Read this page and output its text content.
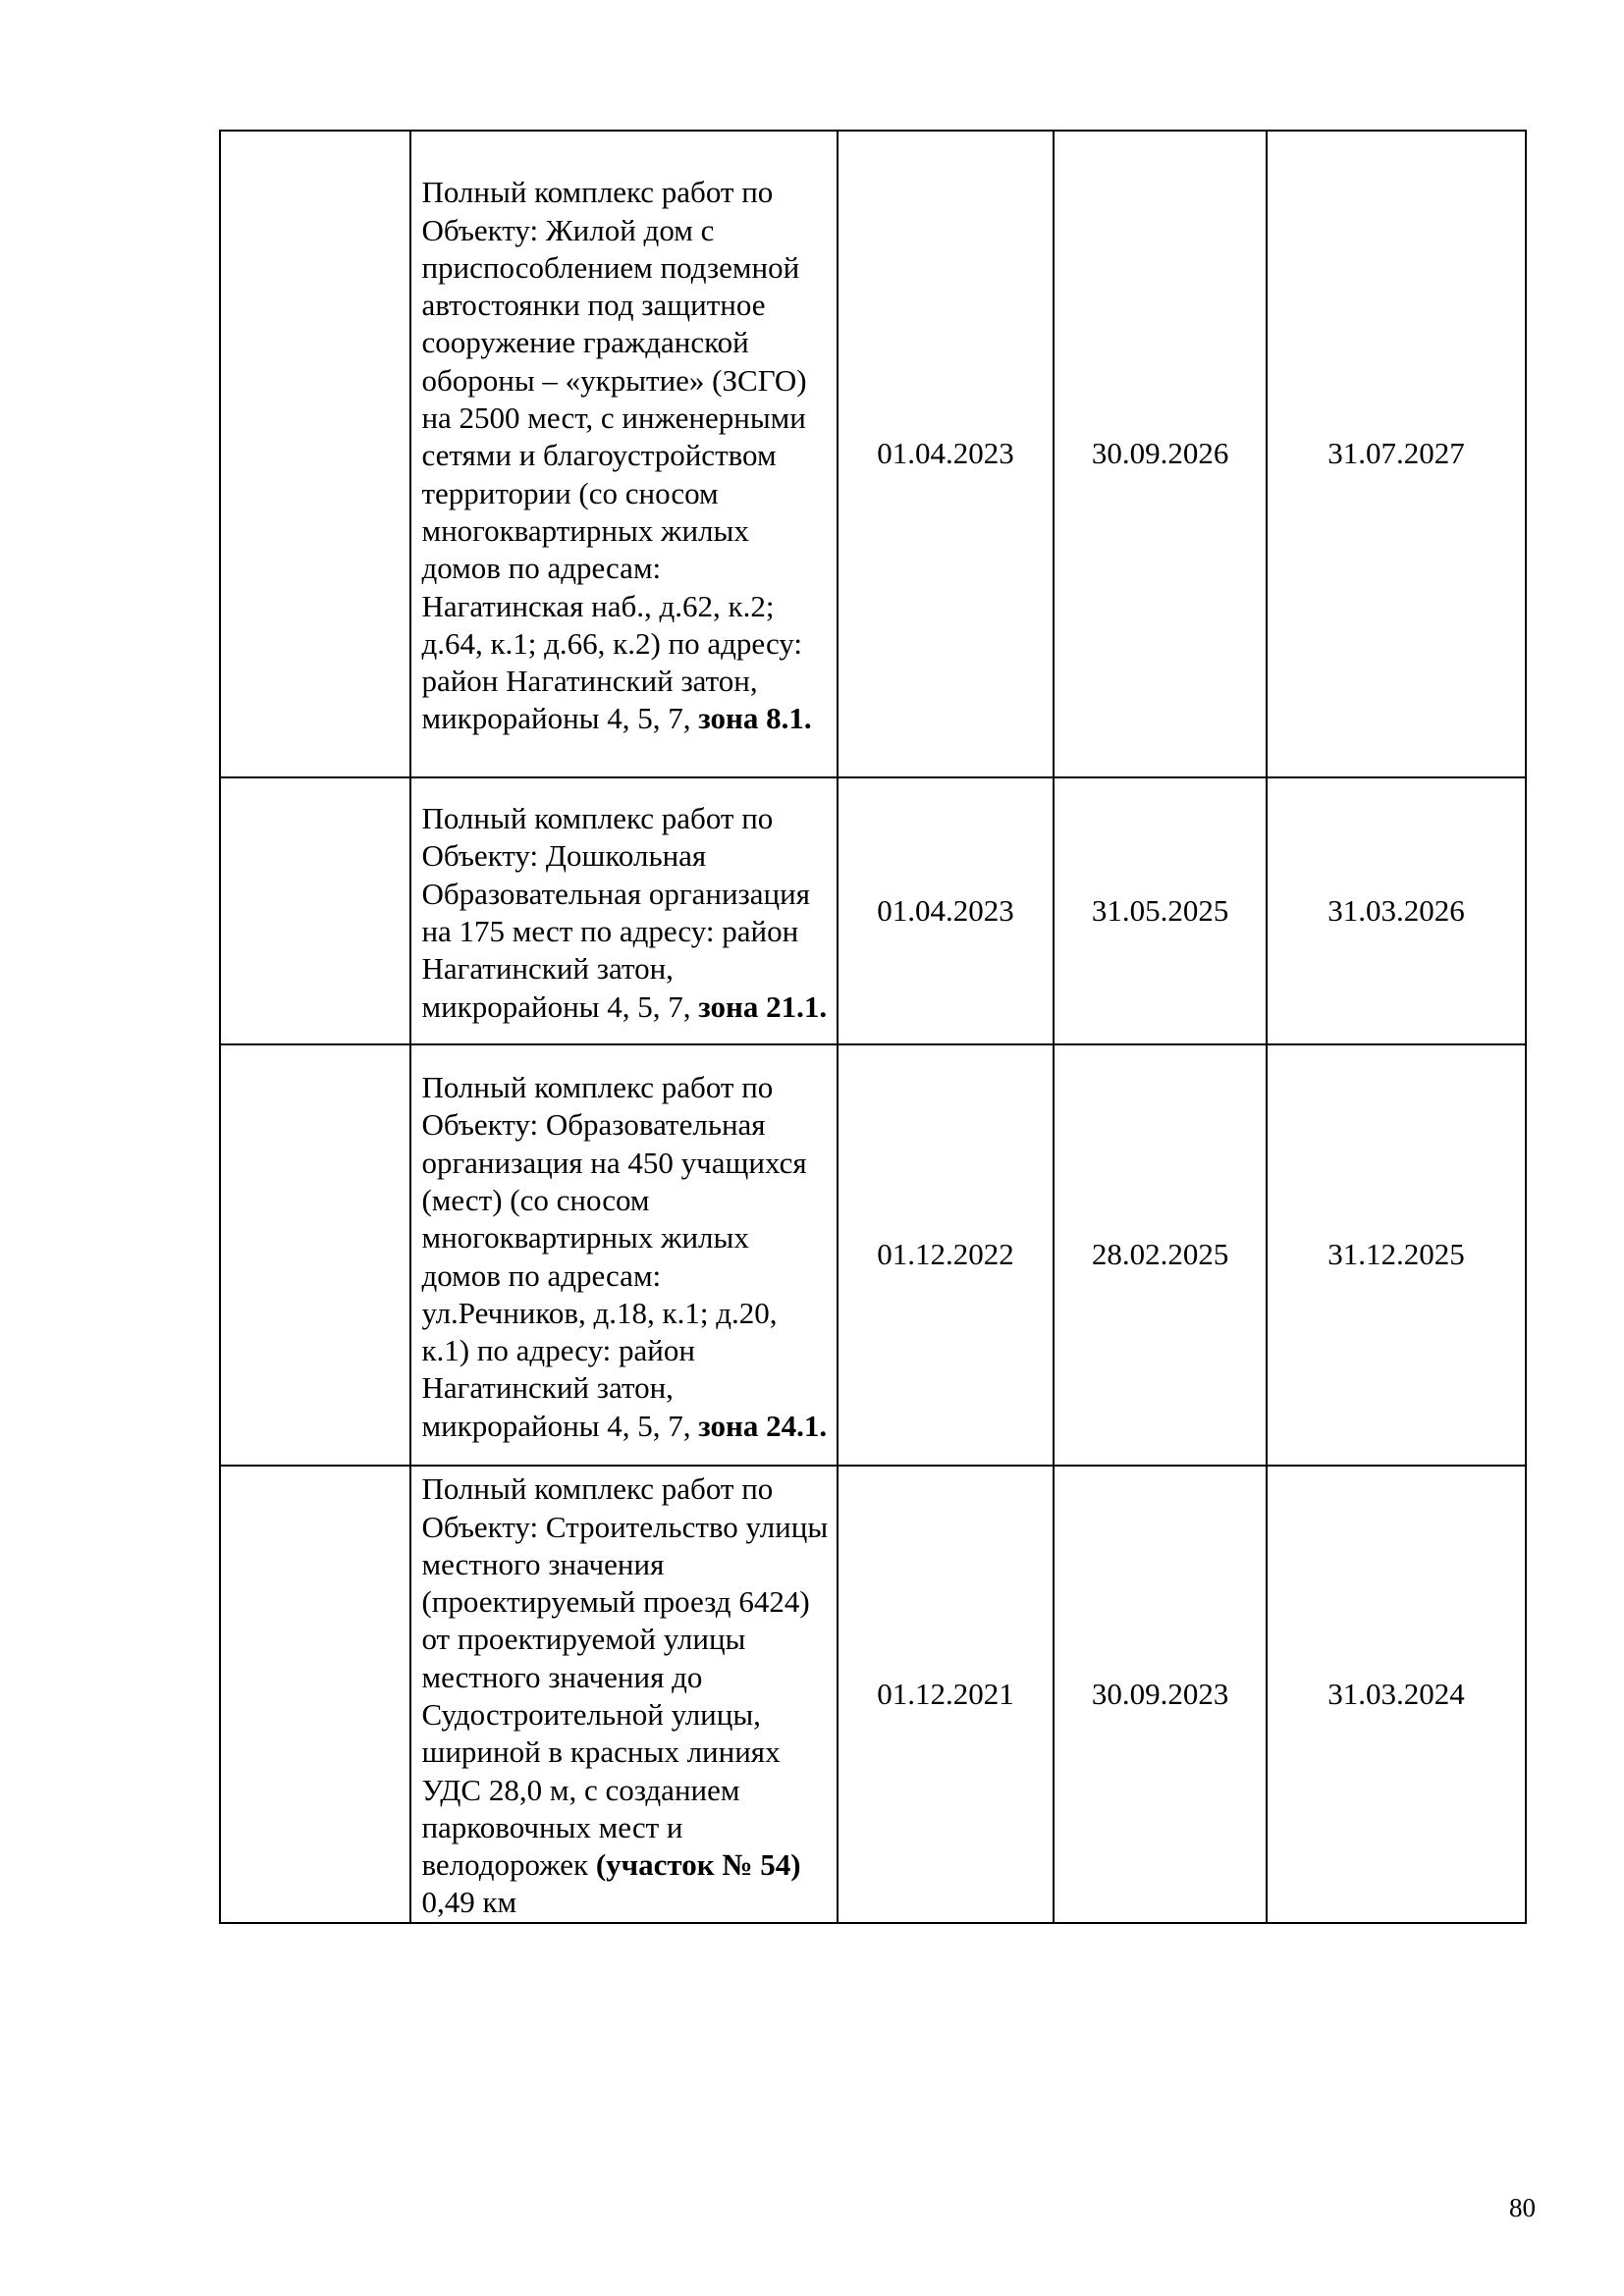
	Полный комплекс работ по Объекту: Жилой дом с приспособлением подземной автостоянки под защитное сооружение гражданской обороны – «укрытие» (ЗСГО) на 2500 мест, с инженерными сетями и благоустройством территории (со сносом многоквартирных жилых домов по адресам: Нагатинская наб., д.62, к.2; д.64, к.1; д.66, к.2) по адресу: район Нагатинский затон, микрорайоны 4, 5, 7, зона 8.1.	01.04.2023	30.09.2026	31.07.2027

	Полный комплекс работ по Объекту: Дошкольная Образовательная организация на 175 мест по адресу: район Нагатинский затон, микрорайоны 4, 5, 7, зона 21.1.	01.04.2023	31.05.2025	31.03.2026

	Полный комплекс работ по Объекту: Образовательная организация на 450 учащихся (мест) (со сносом многоквартирных жилых домов по адресам: ул.Речников, д.18, к.1; д.20, к.1) по адресу: район Нагатинский затон, микрорайоны 4, 5, 7, зона 24.1.	01.12.2022	28.02.2025	31.12.2025

	Полный комплекс работ по Объекту: Строительство улицы местного значения (проектируемый проезд 6424) от проектируемой улицы местного значения до Судостроительной улицы, шириной в красных линиях УДС 28,0 м, с созданием парковочных мест и велодорожек (участок № 54) 0,49 км	01.12.2021	30.09.2023	31.03.2024
80
